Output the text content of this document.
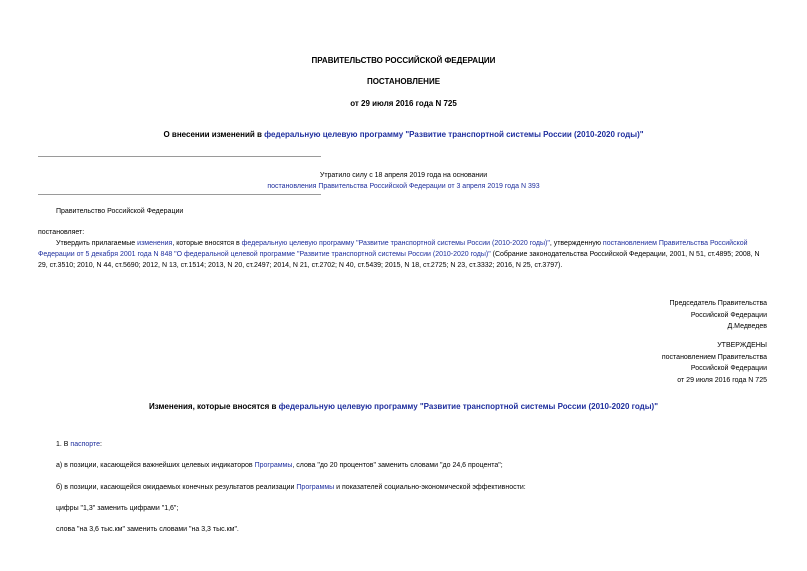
ПРАВИТЕЛЬСТВО РОССИЙСКОЙ ФЕДЕРАЦИИ
ПОСТАНОВЛЕНИЕ
от 29 июля 2016 года N 725
О внесении изменений в федеральную целевую программу "Развитие транспортной системы России (2010-2020 годы)"
Утратило силу с 18 апреля 2019 года на основании
постановления Правительства Российской Федерации от 3 апреля 2019 года N 393
Правительство Российской Федерации
постановляет:
Утвердить прилагаемые изменения, которые вносятся в федеральную целевую программу "Развитие транспортной системы России (2010-2020 годы)", утвержденную постановлением Правительства Российской Федерации от 5 декабря 2001 года N 848 "О федеральной целевой программе "Развитие транспортной системы России (2010-2020 годы)" (Собрание законодательства Российской Федерации, 2001, N 51, ст.4895; 2008, N 29, ст.3510; 2010, N 44, ст.5690; 2012, N 13, ст.1514; 2013, N 20, ст.2497; 2014, N 21, ст.2702; N 40, ст.5439; 2015, N 18, ст.2725; N 23, ст.3332; 2016, N 25, ст.3797).
Председатель Правительства
Российской Федерации
Д.Медведев
УТВЕРЖДЕНЫ
постановлением Правительства
Российской Федерации
от 29 июля 2016 года N 725
Изменения, которые вносятся в федеральную целевую программу "Развитие транспортной системы России (2010-2020 годы)"
1. В паспорте:
а) в позиции, касающейся важнейших целевых индикаторов Программы, слова "до 20 процентов" заменить словами "до 24,6 процента";
б) в позиции, касающейся ожидаемых конечных результатов реализации Программы и показателей социально-экономической эффективности:
цифры "1,3" заменить цифрами "1,6";
слова "на 3,6 тыс.км" заменить словами "на 3,3 тыс.км".
